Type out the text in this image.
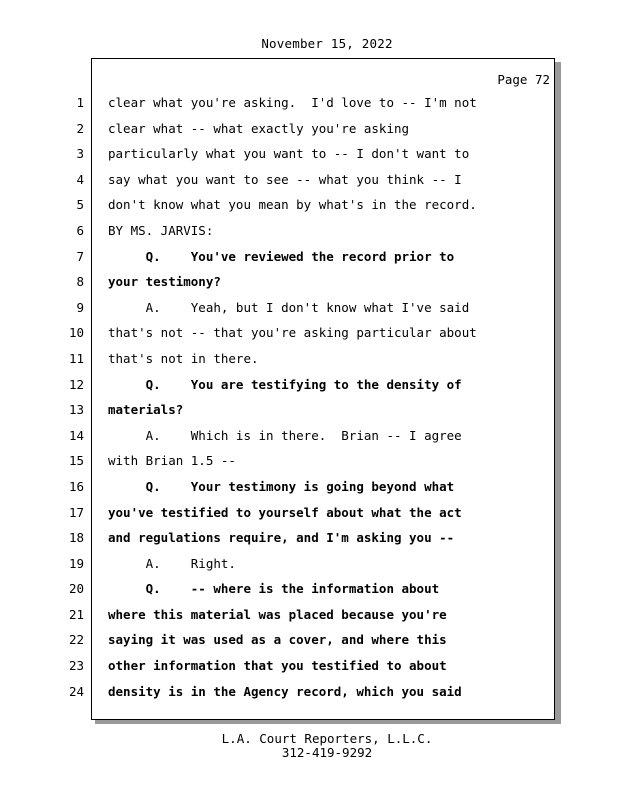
November 15, 2022
Page 72
1 clear what you're asking.  I'd love to -- I'm not
2 clear what -- what exactly you're asking
3 particularly what you want to -- I don't want to
4 say what you want to see -- what you think -- I
5 don't know what you mean by what's in the record.
6 BY MS. JARVIS:
7 Q.    You've reviewed the record prior to
8 your testimony?
9 A.    Yeah, but I don't know what I've said
10 that's not -- that you're asking particular about
11 that's not in there.
12 Q.    You are testifying to the density of
13 materials?
14 A.    Which is in there.  Brian -- I agree
15 with Brian 1.5 --
16 Q.    Your testimony is going beyond what
17 you've testified to yourself about what the act
18 and regulations require, and I'm asking you --
19 A.    Right.
20 Q.    -- where is the information about
21 where this material was placed because you're
22 saying it was used as a cover, and where this
23 other information that you testified to about
24 density is in the Agency record, which you said
L.A. Court Reporters, L.L.C.
312-419-9292
